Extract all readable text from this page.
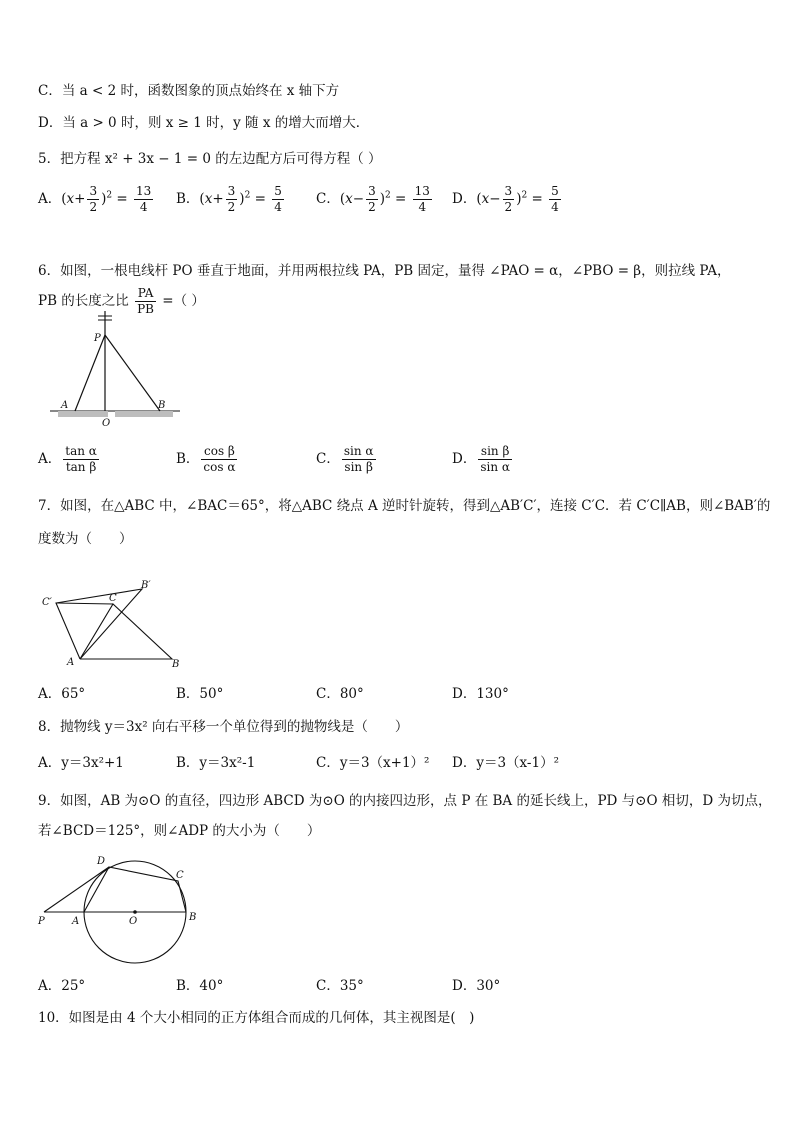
C．当 a < 2 时，函数图象的顶点始终在 x 轴下方
D．当 a > 0 时，则 x ≥ 1 时，y 随 x 的增大而增大．
5．把方程 x² + 3x − 1 = 0 的左边配方后可得方程（ ）
A．$(x+ \frac{3}{2} )^2 = \frac{13}{4}$ B．$(x+ \frac{3}{2} )^2 = \frac{5}{4}$ C．$(x- \frac{3}{2} )^2 = \frac{13}{4}$ D．$(x- \frac{3}{2} )^2 = \frac{5}{4}$
6．如图，一根电线杆 PO 垂直于地面，并用两根拉线 PA，PB 固定，量得 ∠PAO = α，∠PBO = β，则拉线 PA，
PB 的长度之比 $\frac{PA}{PB}$ =（ ）
P
A
O
B
A． $\frac{\text{tan α}}{\text{tan β}}$	B． $\frac{\text{cos β}}{\text{cos α}}$	C． $\frac{\text{sin α}}{\text{sin β}}$	D． $\frac{\text{sin β}}{\text{sin α}}$
7．如图，在△ABC 中，∠BAC＝65°，将△ABC 绕点 A 逆时针旋转，得到△AB′C′，连接 C′C．若 C′C∥AB，则∠BAB′的
度数为（　　）
C′	C
B′
A	B
A．65°	B．50°	C．80°	D．130°
8．抛物线 y＝3x² 向右平移一个单位得到的抛物线是（　　）
A．y＝3x²+1	B．y＝3x²-1	C．y＝3（x+1）² D．y＝3（x-1）²
9．如图，AB 为⊙O 的直径，四边形 ABCD 为⊙O 的内接四边形，点 P 在 BA 的延长线上，PD 与⊙O 相切，D 为切点，
若∠BCD＝125°，则∠ADP 的大小为（　　）
D
C
P	A	O	B
A．25°	B．40°	C．35°	D．30°
10．如图是由 4 个大小相同的正方体组合而成的几何体，其主视图是(　)
